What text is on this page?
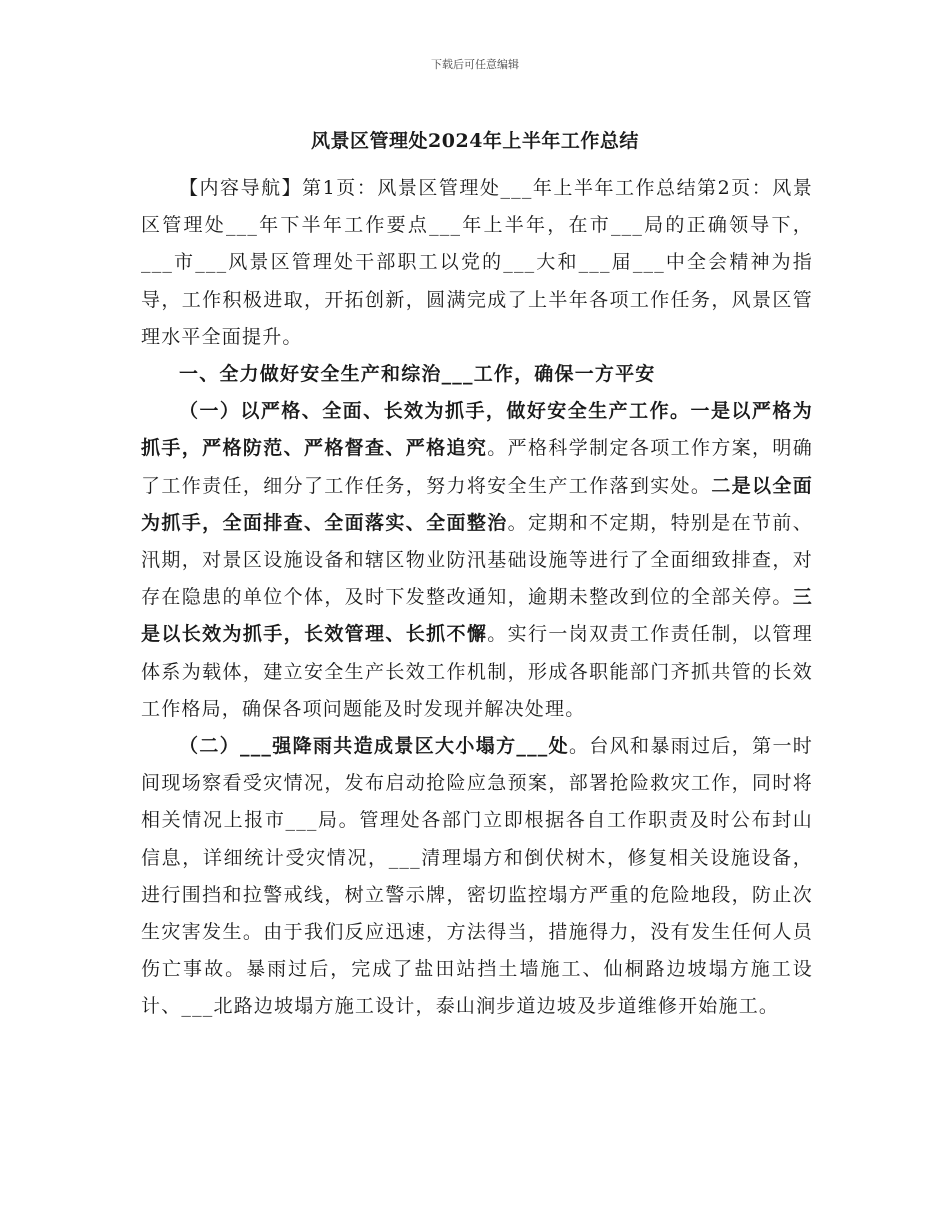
下载后可任意编辑
风景区管理处2024年上半年工作总结

【内容导航】第1页：风景区管理处___年上半年工作总结第2页：风景区管理处___年下半年工作要点___年上半年，在市___局的正确领导下，___市___风景区管理处干部职工以党的___大和___届___中全会精神为指导，工作积极进取，开拓创新，圆满完成了上半年各项工作任务，风景区管理水平全面提升。

一、全力做好安全生产和综治___工作，确保一方平安

（一）以严格、全面、长效为抓手，做好安全生产工作。一是以严格为抓手，严格防范、严格督查、严格追究。严格科学制定各项工作方案，明确了工作责任，细分了工作任务，努力将安全生产工作落到实处。二是以全面为抓手，全面排查、全面落实、全面整治。定期和不定期，特别是在节前、汛期，对景区设施设备和辖区物业防汛基础设施等进行了全面细致排查，对存在隐患的单位个体，及时下发整改通知，逾期未整改到位的全部关停。三是以长效为抓手，长效管理、长抓不懈。实行一岗双责工作责任制，以管理体系为载体，建立安全生产长效工作机制，形成各职能部门齐抓共管的长效工作格局，确保各项问题能及时发现并解决处理。

（二）___强降雨共造成景区大小塌方___处。台风和暴雨过后，第一时间现场察看受灾情况，发布启动抢险应急预案，部署抢险救灾工作，同时将相关情况上报市___局。管理处各部门立即根据各自工作职责及时公布封山信息，详细统计受灾情况，___清理塌方和倒伏树木，修复相关设施设备，进行围挡和拉警戒线，树立警示牌，密切监控塌方严重的危险地段，防止次生灾害发生。由于我们反应迅速，方法得当，措施得力，没有发生任何人员伤亡事故。暴雨过后，完成了盐田站挡土墙施工、仙桐路边坡塌方施工设计、___北路边坡塌方施工设计，泰山涧步道边坡及步道维修开始施工。
